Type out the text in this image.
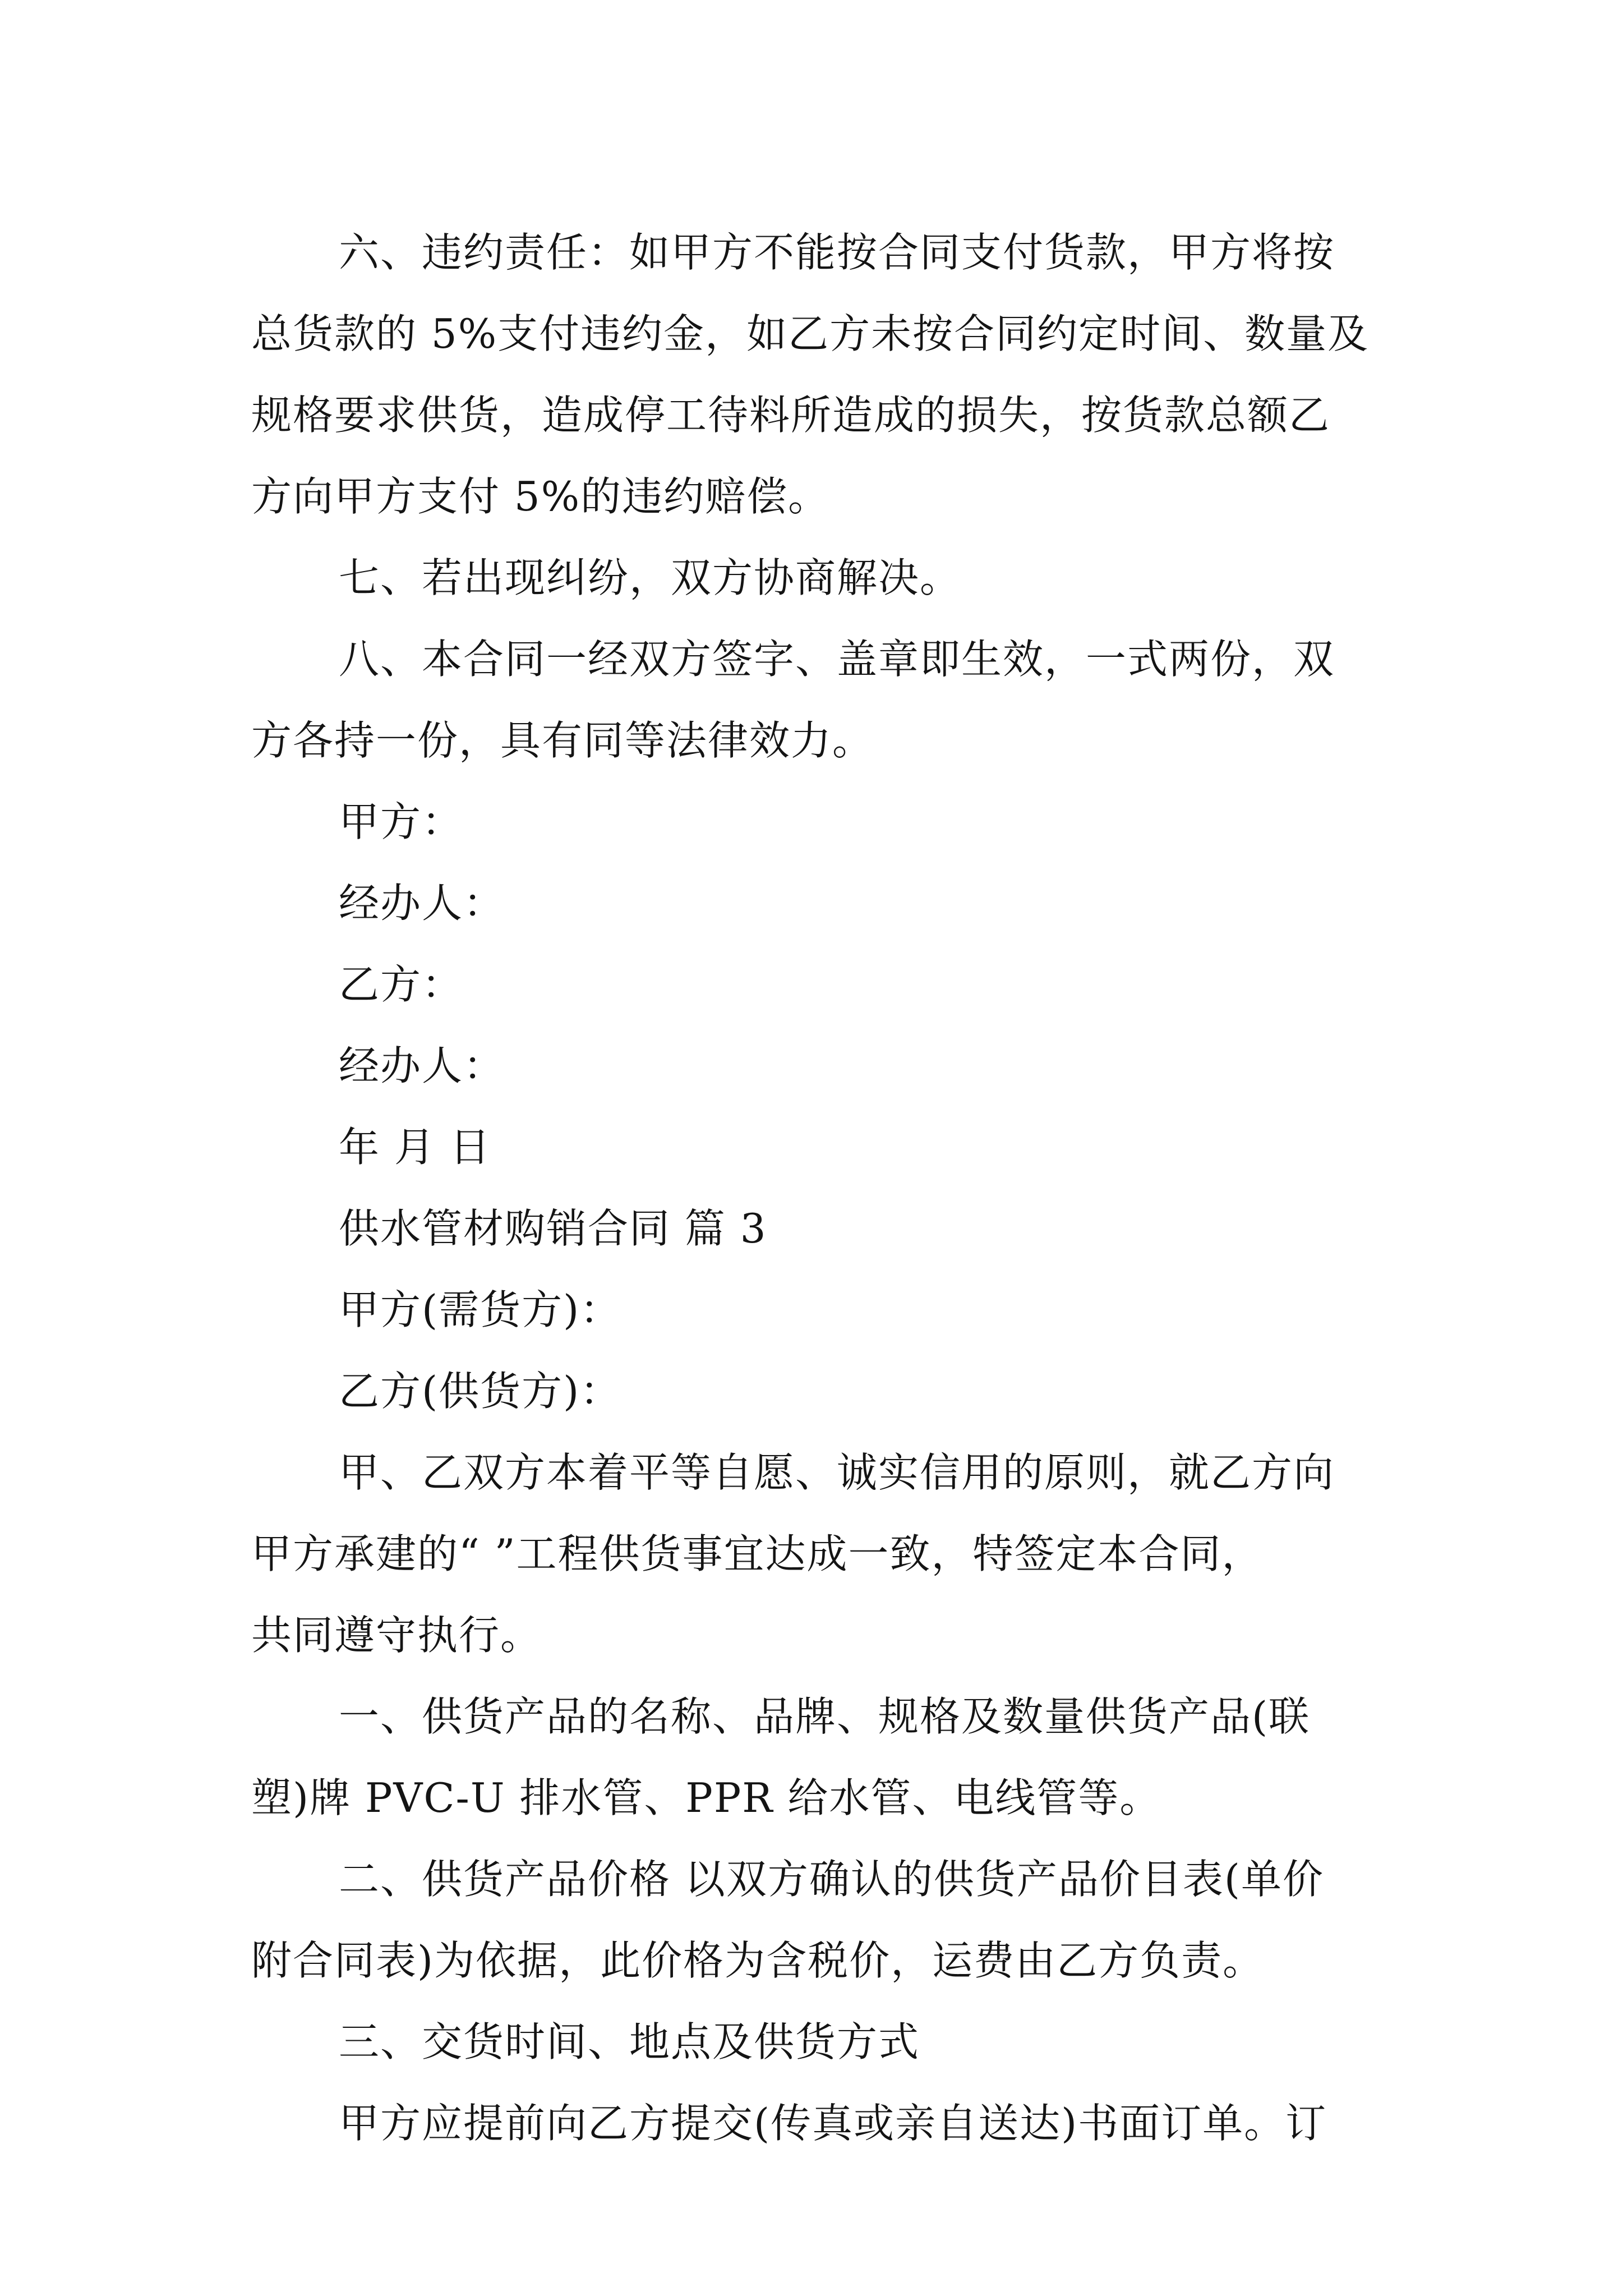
六、违约责任：如甲方不能按合同支付货款，甲方将按
总货款的 5%支付违约金，如乙方未按合同约定时间、数量及
规格要求供货，造成停工待料所造成的损失，按货款总额乙
方向甲方支付 5%的违约赔偿。
七、若出现纠纷，双方协商解决。
八、本合同一经双方签字、盖章即生效，一式两份，双
方各持一份，具有同等法律效力。
甲方：
经办人：
乙方：
经办人：
年 月 日
供水管材购销合同 篇 3
甲方(需货方)：
乙方(供货方)：
甲、乙双方本着平等自愿、诚实信用的原则，就乙方向
甲方承建的“ ”工程供货事宜达成一致，特签定本合同，
共同遵守执行。
一、供货产品的名称、品牌、规格及数量供货产品(联
塑)牌 PVC-U 排水管、PPR 给水管、电线管等。
二、供货产品价格 以双方确认的供货产品价目表(单价
附合同表)为依据，此价格为含税价，运费由乙方负责。
三、交货时间、地点及供货方式
甲方应提前向乙方提交(传真或亲自送达)书面订单。订
